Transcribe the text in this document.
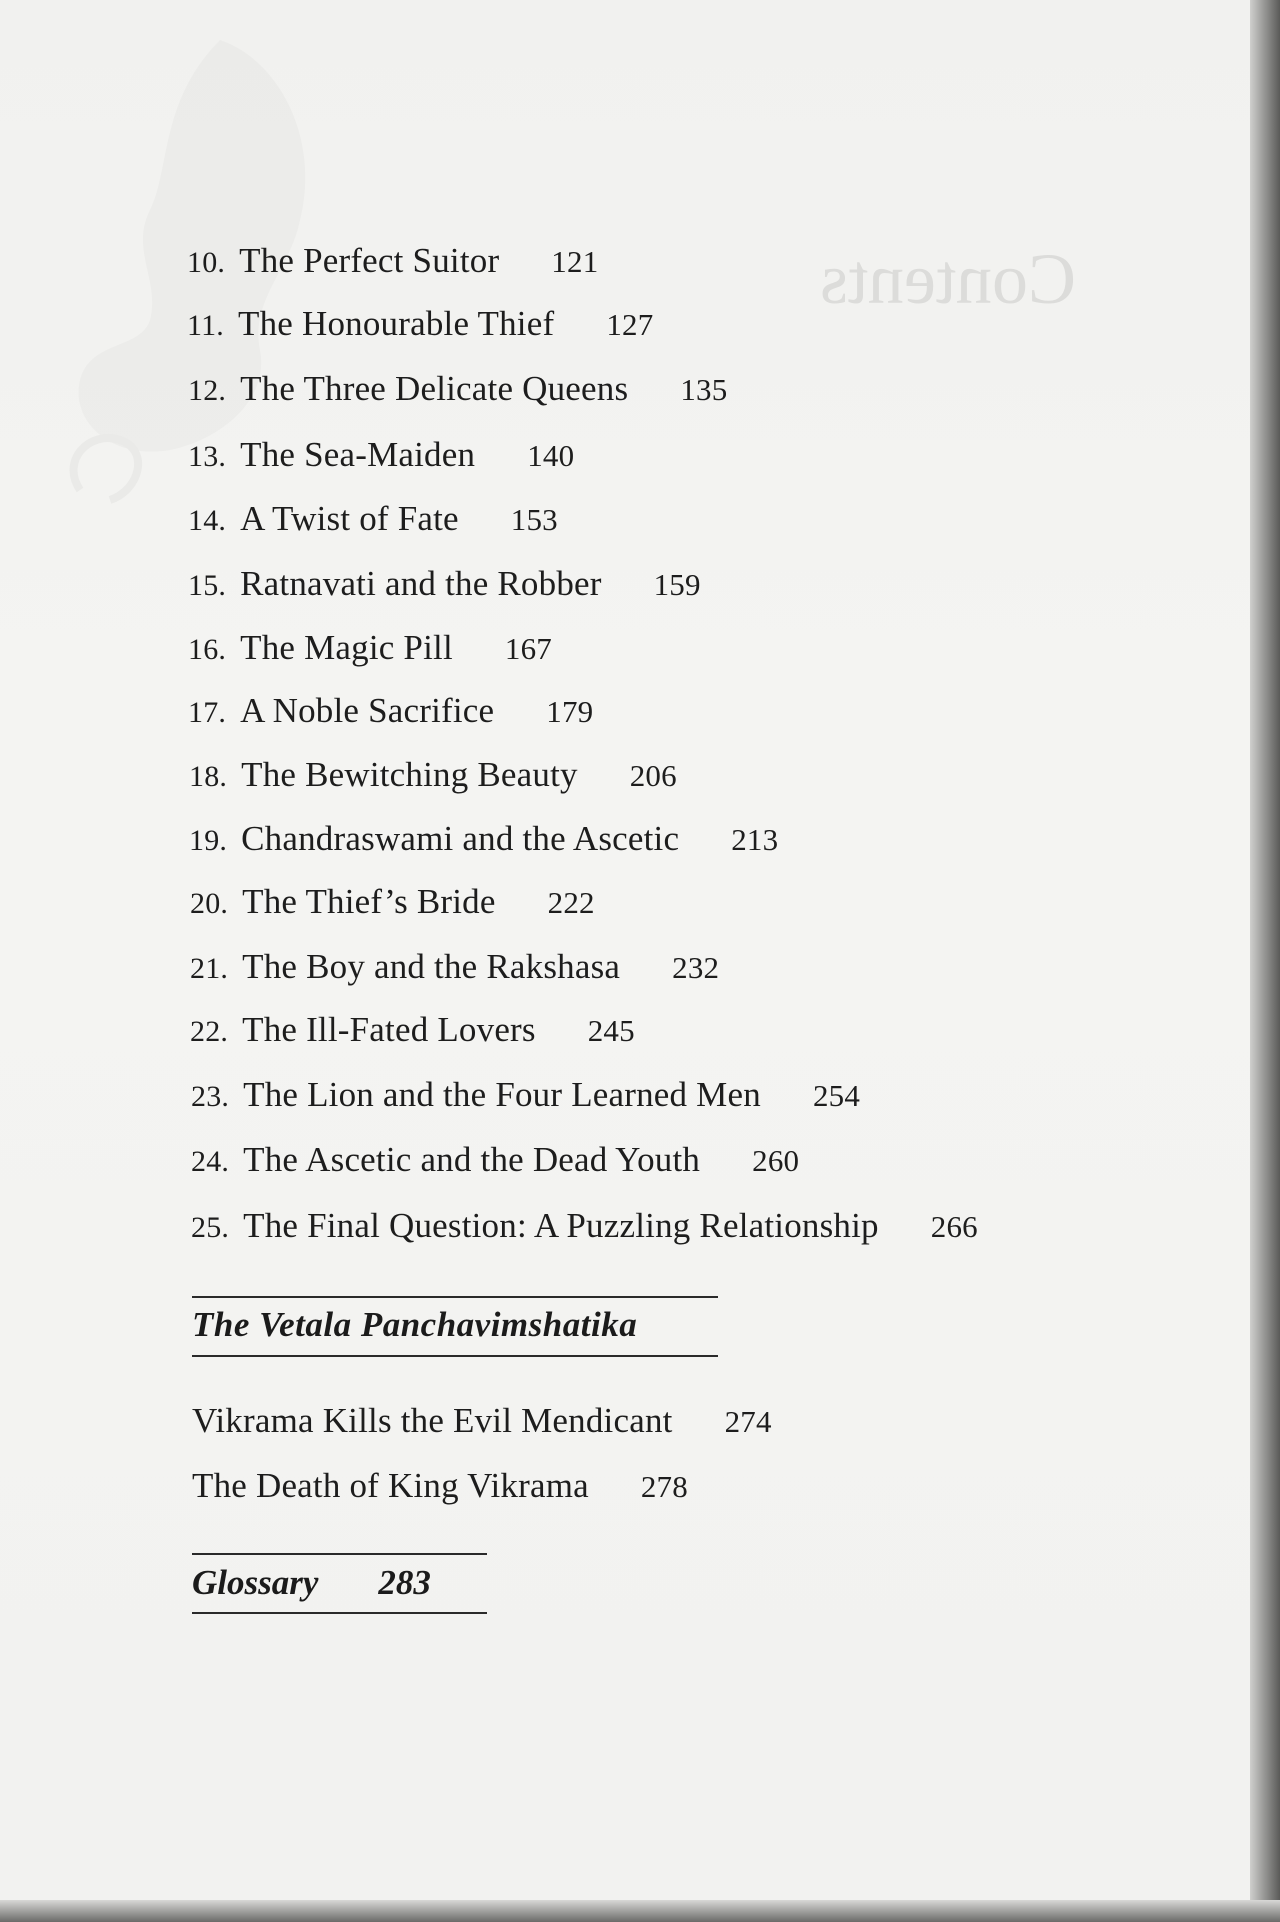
Contents
10. The Perfect Suitor 121
11. The Honourable Thief 127
12. The Three Delicate Queens 135
13. The Sea-Maiden 140
14. A Twist of Fate 153
15. Ratnavati and the Robber 159
16. The Magic Pill 167
17. A Noble Sacrifice 179
18. The Bewitching Beauty 206
19. Chandraswami and the Ascetic 213
20. The Thief’s Bride 222
21. The Boy and the Rakshasa 232
22. The Ill-Fated Lovers 245
23. The Lion and the Four Learned Men 254
24. The Ascetic and the Dead Youth 260
25. The Final Question: A Puzzling Relationship 266
The Vetala Panchavimshatika
Vikrama Kills the Evil Mendicant 274
The Death of King Vikrama 278
Glossary 283
